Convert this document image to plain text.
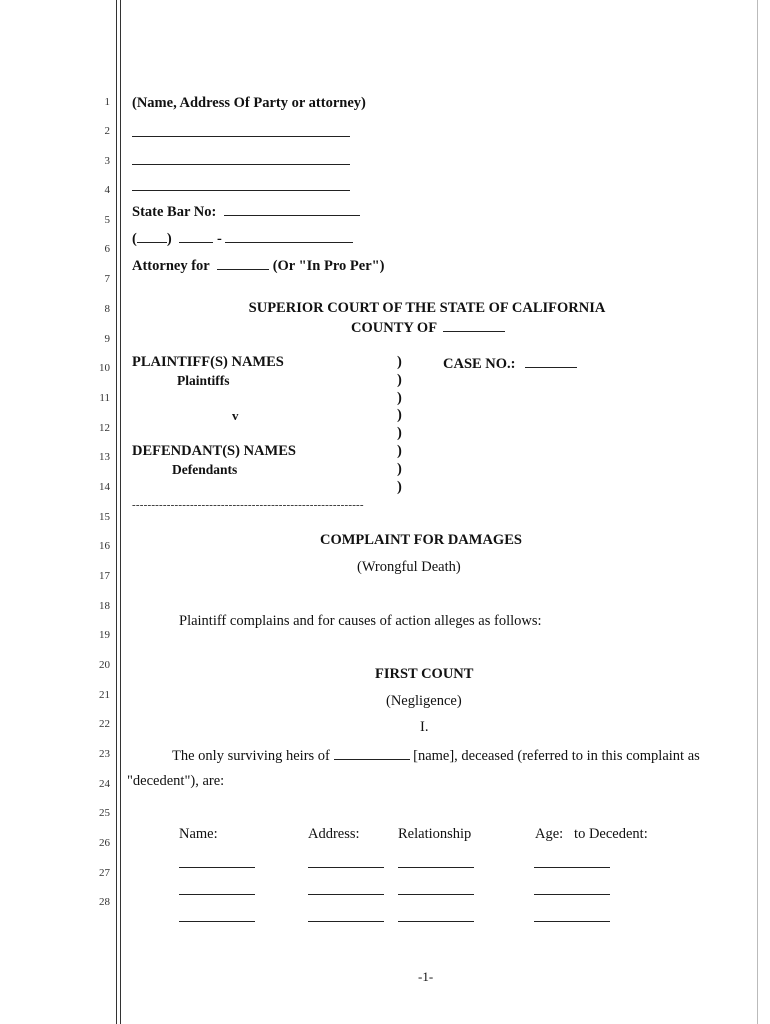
1
2
3
4
5
6
7
8
9
10
11
12
13
14
15
16
17
18
19
20
21
22
23
24
25
26
27
28
(Name, Address Of Party or attorney)
State Bar No:
( )	-
Attorney for	(Or "In Pro Per")
SUPERIOR COURT OF THE STATE OF CALIFORNIA
COUNTY OF
PLAINTIFF(S) NAMES
Plaintiffs
v
DEFENDANT(S) NAMES
Defendants
)
)
)
)
)
)
)
)
CASE NO.:
------------------------------------------------------------
COMPLAINT FOR DAMAGES
(Wrongful Death)
Plaintiff complains and for causes of action alleges as follows:
FIRST COUNT
(Negligence)
I.
The only surviving heirs of	[name], deceased (referred to in this complaint as
"decedent"), are:
Name:	Address:	Relationship	Age:   to Decedent:
-1-
